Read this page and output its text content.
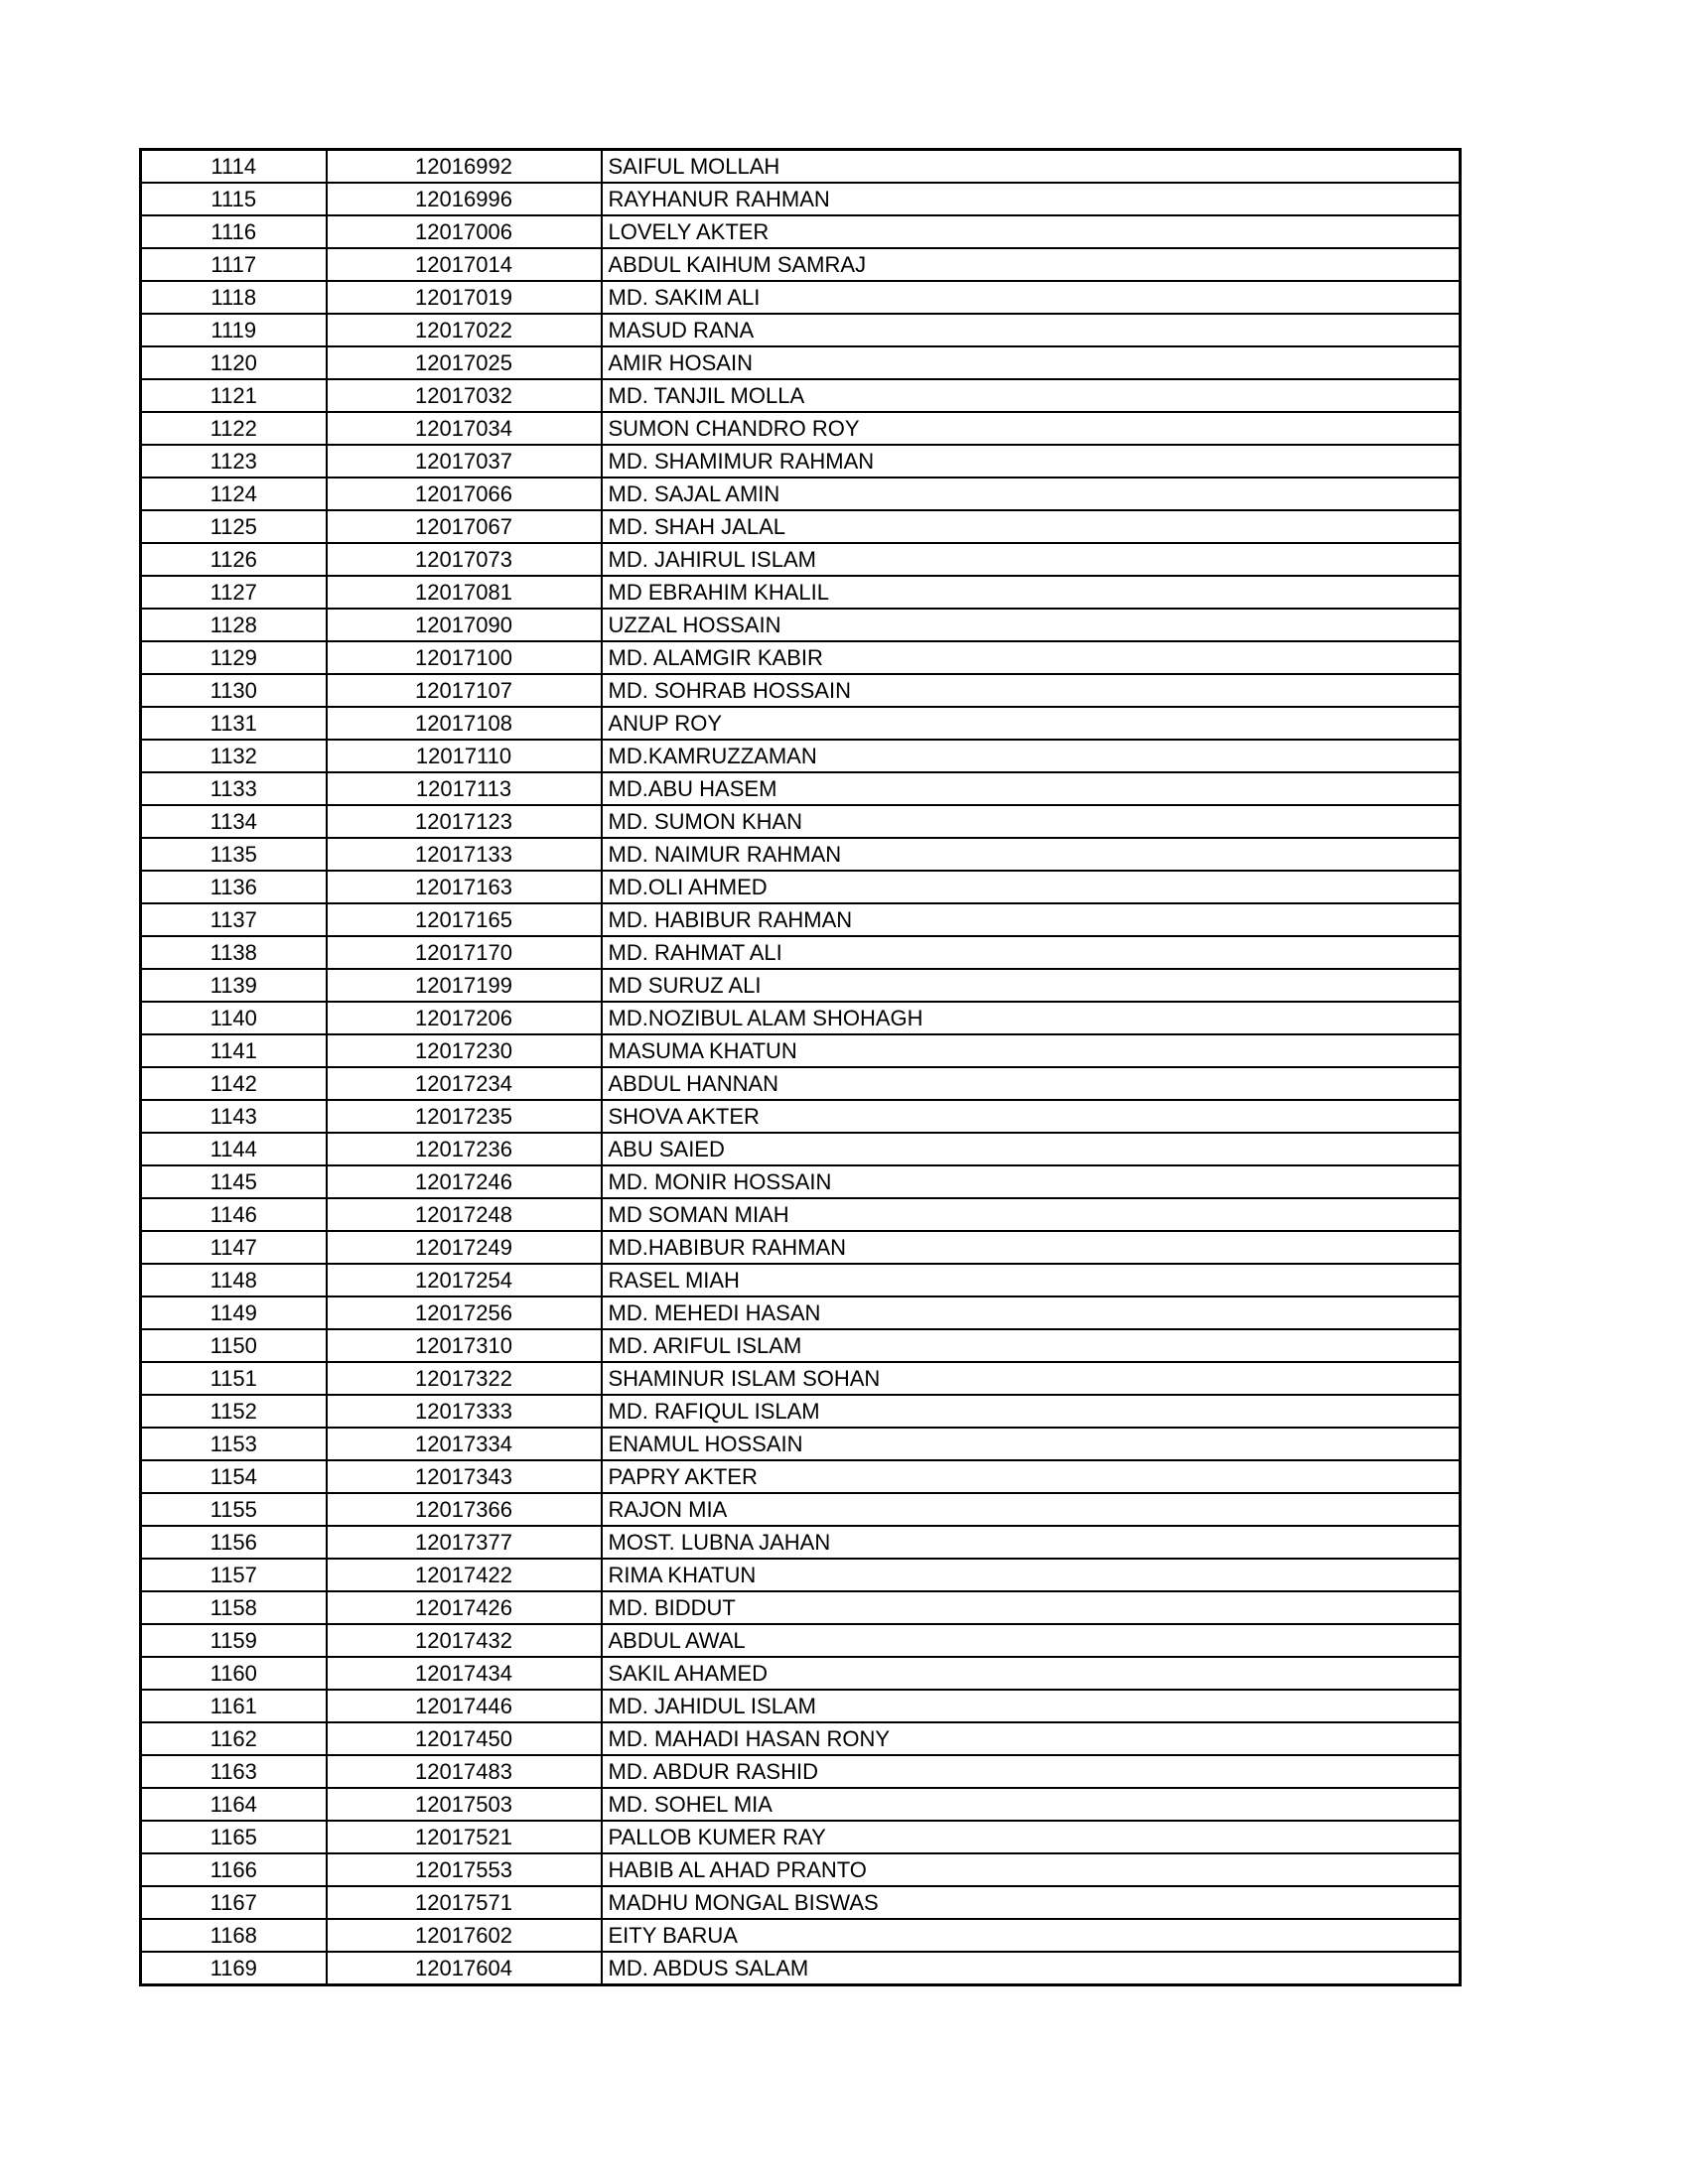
1114	12016992	SAIFUL MOLLAH
1115	12016996	RAYHANUR RAHMAN
1116	12017006	LOVELY AKTER
1117	12017014	ABDUL KAIHUM SAMRAJ
1118	12017019	MD. SAKIM ALI
1119	12017022	MASUD RANA
1120	12017025	AMIR HOSAIN
1121	12017032	MD. TANJIL MOLLA
1122	12017034	SUMON CHANDRO ROY
1123	12017037	MD. SHAMIMUR RAHMAN
1124	12017066	MD. SAJAL AMIN
1125	12017067	MD. SHAH JALAL
1126	12017073	MD. JAHIRUL ISLAM
1127	12017081	MD EBRAHIM KHALIL
1128	12017090	UZZAL HOSSAIN
1129	12017100	MD. ALAMGIR KABIR
1130	12017107	MD. SOHRAB HOSSAIN
1131	12017108	ANUP ROY
1132	12017110	MD.KAMRUZZAMAN
1133	12017113	MD.ABU HASEM
1134	12017123	MD. SUMON KHAN
1135	12017133	MD. NAIMUR RAHMAN
1136	12017163	MD.OLI AHMED
1137	12017165	MD. HABIBUR RAHMAN
1138	12017170	MD. RAHMAT ALI
1139	12017199	MD SURUZ ALI
1140	12017206	MD.NOZIBUL ALAM SHOHAGH
1141	12017230	MASUMA KHATUN
1142	12017234	ABDUL HANNAN
1143	12017235	SHOVA AKTER
1144	12017236	ABU SAIED
1145	12017246	MD. MONIR HOSSAIN
1146	12017248	MD SOMAN MIAH
1147	12017249	MD.HABIBUR RAHMAN
1148	12017254	RASEL MIAH
1149	12017256	MD. MEHEDI HASAN
1150	12017310	MD. ARIFUL ISLAM
1151	12017322	SHAMINUR ISLAM SOHAN
1152	12017333	MD. RAFIQUL ISLAM
1153	12017334	ENAMUL HOSSAIN
1154	12017343	PAPRY AKTER
1155	12017366	RAJON MIA
1156	12017377	MOST. LUBNA JAHAN
1157	12017422	RIMA KHATUN
1158	12017426	MD. BIDDUT
1159	12017432	ABDUL AWAL
1160	12017434	SAKIL AHAMED
1161	12017446	MD. JAHIDUL ISLAM
1162	12017450	MD. MAHADI HASAN RONY
1163	12017483	MD. ABDUR RASHID
1164	12017503	MD. SOHEL MIA
1165	12017521	PALLOB KUMER RAY
1166	12017553	HABIB AL AHAD PRANTO
1167	12017571	MADHU MONGAL BISWAS
1168	12017602	EITY BARUA
1169	12017604	MD. ABDUS SALAM
